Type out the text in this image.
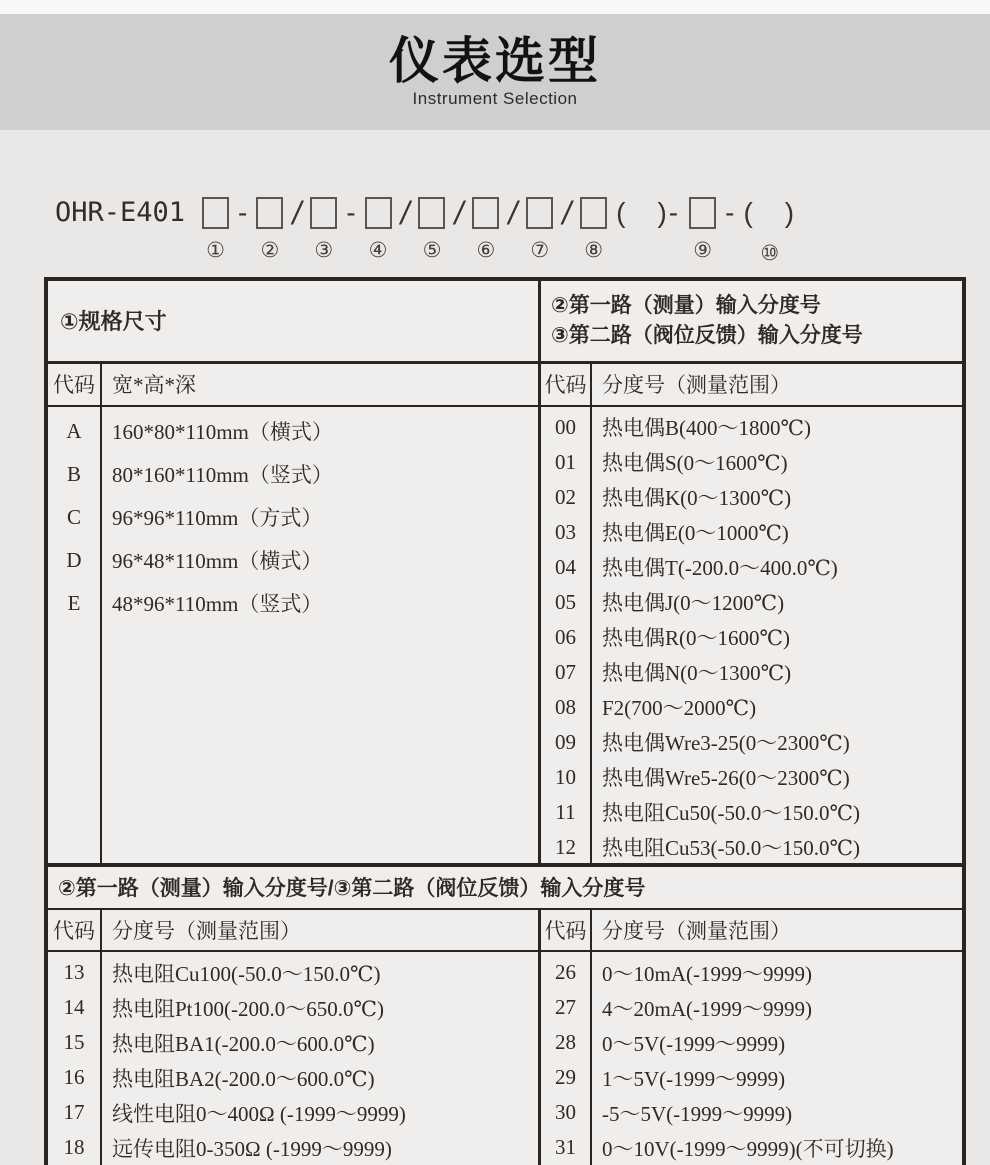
仪表选型
Instrument Selection
OHR-E401
①
-
②
/
③
-
④
/
⑤
/
⑥
/
⑦
/
⑧
(　)-
⑨
- (　)
⑩
①规格尺寸
②第一路（测量）输入分度号
③第二路（阀位反馈）输入分度号
代码 宽*高*深
A	160*80*110mm（横式）
B	80*160*110mm（竖式）
C	96*96*110mm（方式）
D	96*48*110mm（横式）
E	48*96*110mm（竖式）
代码 分度号（测量范围）
00	热电偶B(400～1800℃)
01	热电偶S(0～1600℃)
02	热电偶K(0～1300℃)
03	热电偶E(0～1000℃)
04	热电偶T(-200.0～400.0℃)
05	热电偶J(0～1200℃)
06	热电偶R(0～1600℃)
07	热电偶N(0～1300℃)
08	F2(700～2000℃)
09	热电偶Wre3-25(0～2300℃)
10	热电偶Wre5-26(0～2300℃)
11	热电阻Cu50(-50.0～150.0℃)
12	热电阻Cu53(-50.0～150.0℃)
②第一路（测量）输入分度号/③第二路（阀位反馈）输入分度号
代码 分度号（测量范围）
13	热电阻Cu100(-50.0～150.0℃)
14	热电阻Pt100(-200.0～650.0℃)
15	热电阻BA1(-200.0～600.0℃)
16	热电阻BA2(-200.0～600.0℃)
17	线性电阻0～400Ω (-1999～9999)
18	远传电阻0-350Ω (-1999～9999)
代码 分度号（测量范围）
26	0～10mA(-1999～9999)
27	4～20mA(-1999～9999)
28	0～5V(-1999～9999)
29	1～5V(-1999～9999)
30	-5～5V(-1999～9999)
31	0～10V(-1999～9999)(不可切换)
